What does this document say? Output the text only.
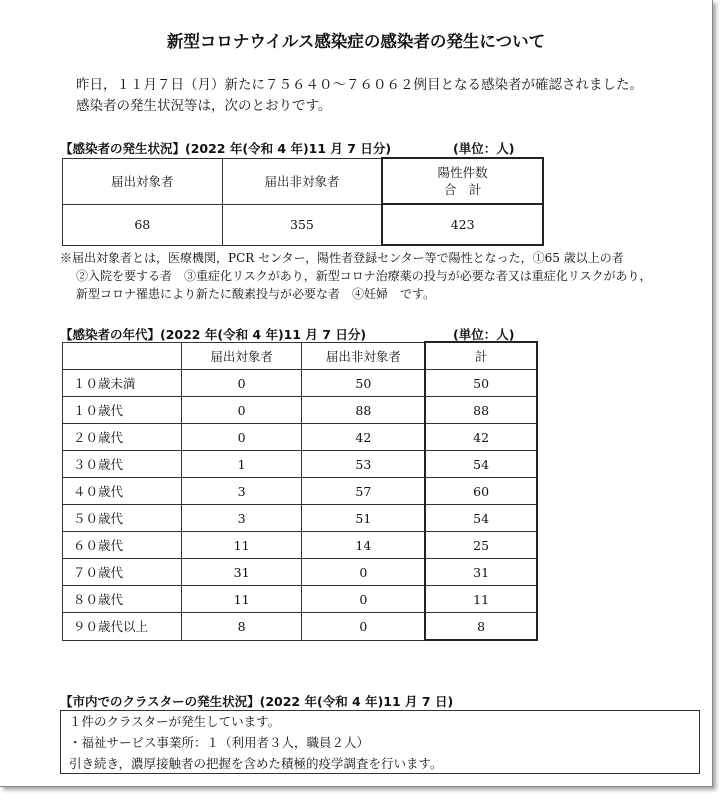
新型コロナウイルス感染症の感染者の発生について
昨日，１１月７日（月）新たに７５６４０～７６０６２例目となる感染者が確認されました。
感染者の発生状況等は，次のとおりです。
【感染者の発生状況】(2022 年(令和 4 年)11 月 7 日分)	(単位：人)
届出対象者	届出非対象者	陽性件数
合　計

68	355	423
※届出対象者とは，医療機関，PCR センター，陽性者登録センター等で陽性となった，①65 歳以上の者
②入院を要する者　③重症化リスクがあり，新型コロナ治療薬の投与が必要な者又は重症化リスクがあり，
新型コロナ罹患により新たに酸素投与が必要な者　④妊婦　です。
【感染者の年代】(2022 年(令和 4 年)11 月 7 日分)	(単位：人)
	届出対象者	届出非対象者	計
１０歳未満	0	50	50
１０歳代	0	88	88
２０歳代	0	42	42
３０歳代	1	53	54
４０歳代	3	57	60
５０歳代	3	51	54
６０歳代	11	14	25
７０歳代	31	0	31
８０歳代	11	0	11
９０歳代以上	8	0	8
【市内でのクラスターの発生状況】(2022 年(令和 4 年)11 月 7 日)
１件のクラスターが発生しています。
・福祉サービス事業所：１（利用者３人，職員２人）
引き続き，濃厚接触者の把握を含めた積極的疫学調査を行います。
